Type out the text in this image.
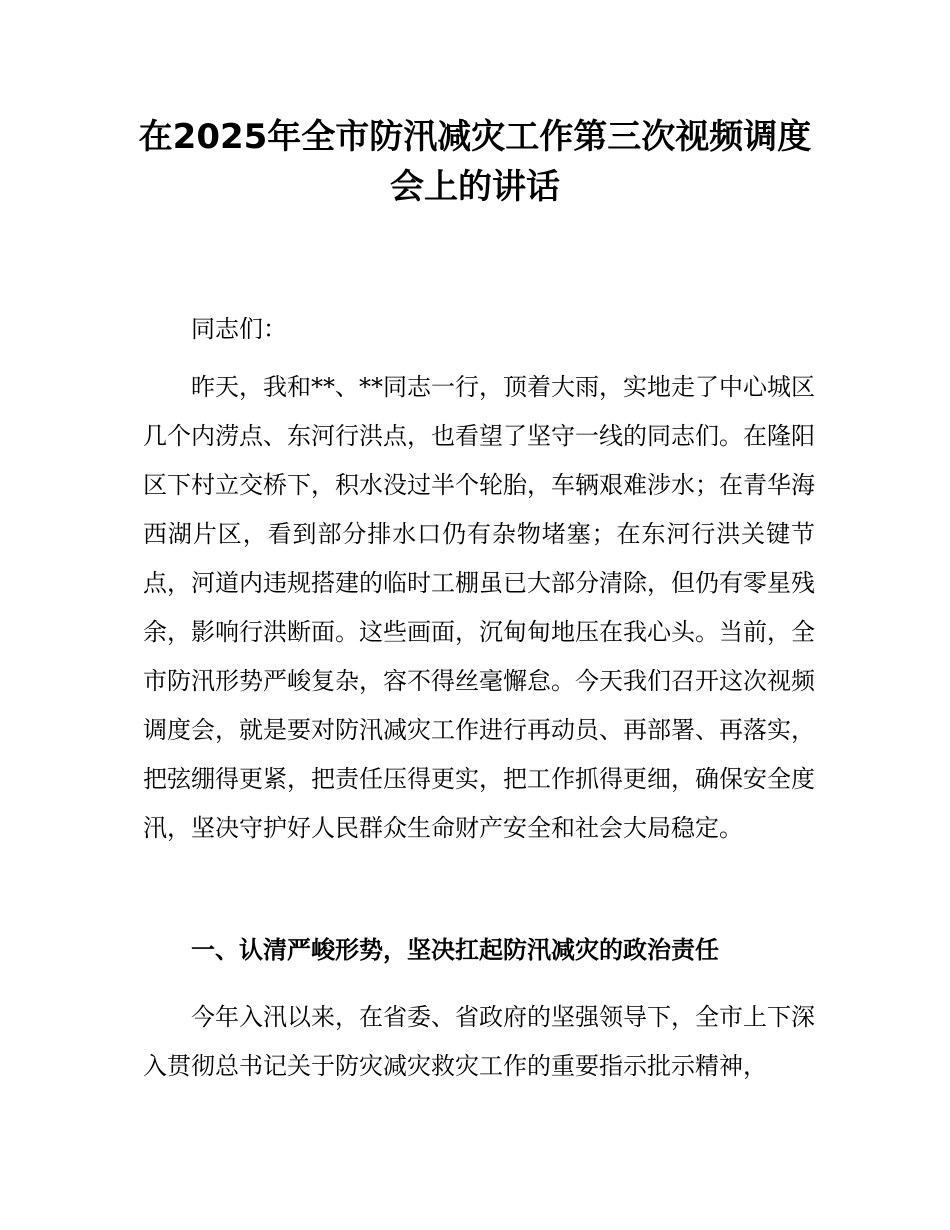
在2025年全市防汛减灾工作第三次视频调度
会上的讲话

同志们：

昨天，我和**、**同志一行，顶着大雨，实地走了中心城区几个内涝点、东河行洪点，也看望了坚守一线的同志们。在隆阳区下村立交桥下，积水没过半个轮胎，车辆艰难涉水；在青华海西湖片区，看到部分排水口仍有杂物堵塞；在东河行洪关键节点，河道内违规搭建的临时工棚虽已大部分清除，但仍有零星残余，影响行洪断面。这些画面，沉甸甸地压在我心头。当前，全市防汛形势严峻复杂，容不得丝毫懈怠。今天我们召开这次视频调度会，就是要对防汛减灾工作进行再动员、再部署、再落实，把弦绷得更紧，把责任压得更实，把工作抓得更细，确保安全度汛，坚决守护好人民群众生命财产安全和社会大局稳定。

一、认清严峻形势，坚决扛起防汛减灾的政治责任

今年入汛以来，在省委、省政府的坚强领导下，全市上下深入贯彻总书记关于防灾减灾救灾工作的重要指示批示精神，
